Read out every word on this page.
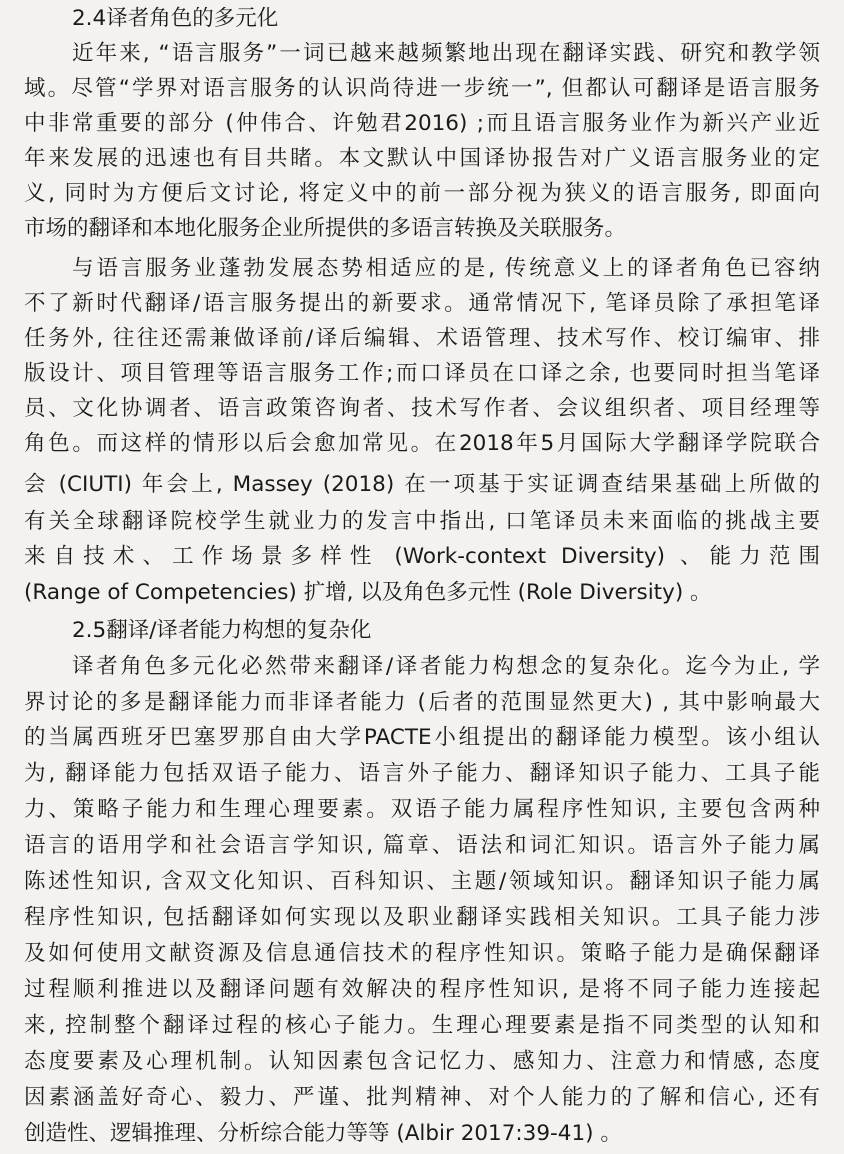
2.4译者角色的多元化
近年来, “语言服务”一词已越来越频繁地出现在翻译实践、研究和教学领
域。尽管“学界对语言服务的认识尚待进一步统一”, 但都认可翻译是语言服务
中非常重要的部分 (仲伟合、许勉君2016) ;而且语言服务业作为新兴产业近
年来发展的迅速也有目共睹。本文默认中国译协报告对广义语言服务业的定
义, 同时为方便后文讨论, 将定义中的前一部分视为狭义的语言服务, 即面向
市场的翻译和本地化服务企业所提供的多语言转换及关联服务。
与语言服务业蓬勃发展态势相适应的是, 传统意义上的译者角色已容纳
不了新时代翻译/语言服务提出的新要求。通常情况下, 笔译员除了承担笔译
任务外, 往往还需兼做译前/译后编辑、术语管理、技术写作、校订编审、排
版设计、项目管理等语言服务工作;而口译员在口译之余, 也要同时担当笔译
员、文化协调者、语言政策咨询者、技术写作者、会议组织者、项目经理等
角色。而这样的情形以后会愈加常见。在2018年5月国际大学翻译学院联合
会 (CIUTI) 年会上, Massey (2018) 在一项基于实证调查结果基础上所做的
有关全球翻译院校学生就业力的发言中指出, 口笔译员未来面临的挑战主要
来自技术、工作场景多样性 (Work-context Diversity) 、能力范围
(Range of Competencies) 扩增, 以及角色多元性 (Role Diversity) 。
2.5翻译/译者能力构想的复杂化
译者角色多元化必然带来翻译/译者能力构想念的复杂化。迄今为止, 学
界讨论的多是翻译能力而非译者能力 (后者的范围显然更大) , 其中影响最大
的当属西班牙巴塞罗那自由大学PACTE小组提出的翻译能力模型。该小组认
为, 翻译能力包括双语子能力、语言外子能力、翻译知识子能力、工具子能
力、策略子能力和生理心理要素。双语子能力属程序性知识, 主要包含两种
语言的语用学和社会语言学知识, 篇章、语法和词汇知识。语言外子能力属
陈述性知识, 含双文化知识、百科知识、主题/领域知识。翻译知识子能力属
程序性知识, 包括翻译如何实现以及职业翻译实践相关知识。工具子能力涉
及如何使用文献资源及信息通信技术的程序性知识。策略子能力是确保翻译
过程顺利推进以及翻译问题有效解决的程序性知识, 是将不同子能力连接起
来, 控制整个翻译过程的核心子能力。生理心理要素是指不同类型的认知和
态度要素及心理机制。认知因素包含记忆力、感知力、注意力和情感, 态度
因素涵盖好奇心、毅力、严谨、批判精神、对个人能力的了解和信心, 还有
创造性、逻辑推理、分析综合能力等等 (Albir 2017:39-41) 。
